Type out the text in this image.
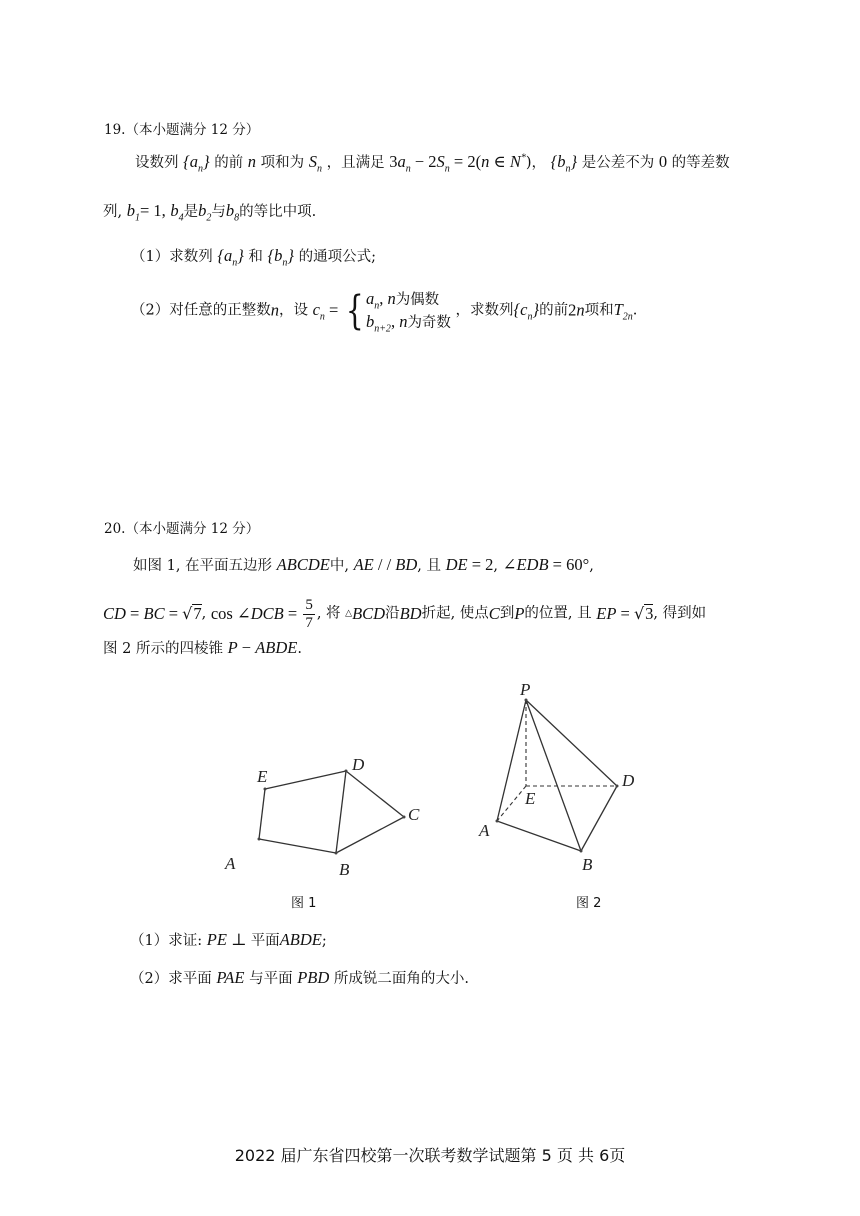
19.（本小题满分 12 分）
设数列 $\{a_n\}$ 的前 n 项和为 $S_n$ ，且满足 $3a_n - 2S_n = 2(n$ ∈ N*)， $\{b_n\}$ 是公差不为 0 的等差数
列, $b_1= 1$, $b_4$是$b_2$与$b_8$的等比中项.
（1）求数列 $\{a_n\}$ 和 $\{b_n\}$ 的通项公式;
（2）对任意的正整数n，设 $c_n$ = { $a_n$, n为偶数
$b_{n+2}$, n为奇数
，求数列$\{c_n\}$的前2n项和$T_{2n}$.
20.（本小题满分 12 分）
如图 1, 在平面五边形 ABCDE中, AE / / BD, 且 DE = 2, ∠EDB = 60°,
CD = BC = √7, cos ∠DCB = $\frac{5}{7}$ , 将 △BCD沿BD折起, 使点C到P的位置, 且 EP = √3, 得到如
图 2 所示的四棱锥 P − ABDE.
E
D
C
A	B
P
E
D
A
B
图 1	图 2
（1）求证: PE ⊥ 平面ABDE;
（2）求平面 PAE 与平面 PBD 所成锐二面角的大小.
2022 届广东省四校第一次联考数学试题第 5 页 共 6页
